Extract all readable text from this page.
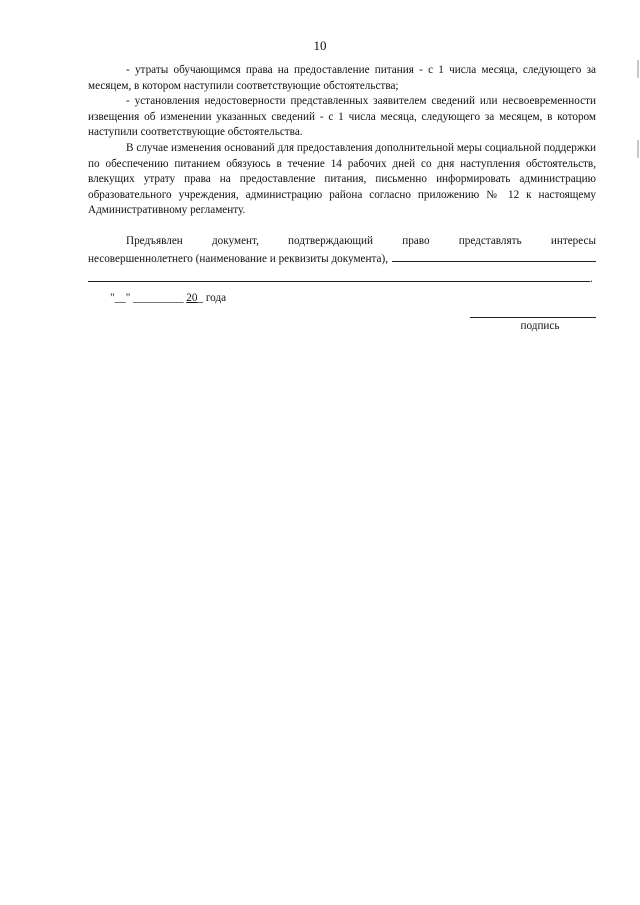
10

- утраты обучающимся права на предоставление питания - с 1 числа месяца, следующего за месяцем, в котором наступили соответствующие обстоятельства;

- установления недостоверности представленных заявителем сведений или несвоевременности извещения об изменении указанных сведений - с 1 числа месяца, следующего за месяцем, в котором наступили соответствующие обстоятельства.

В случае изменения оснований для предоставления дополнительной меры социальной поддержки по обеспечению питанием обязуюсь в течение 14 рабочих дней со дня наступления обстоятельств, влекущих утрату права на предоставление питания, письменно информировать администрацию образовательного учреждения, администрацию района согласно приложению № 12 к настоящему Административному регламенту.

Предъявлен документ, подтверждающий право представлять интересы

несовершеннолетнего (наименование и реквизиты документа),
.
"__" _________ 20_ года
подпись
